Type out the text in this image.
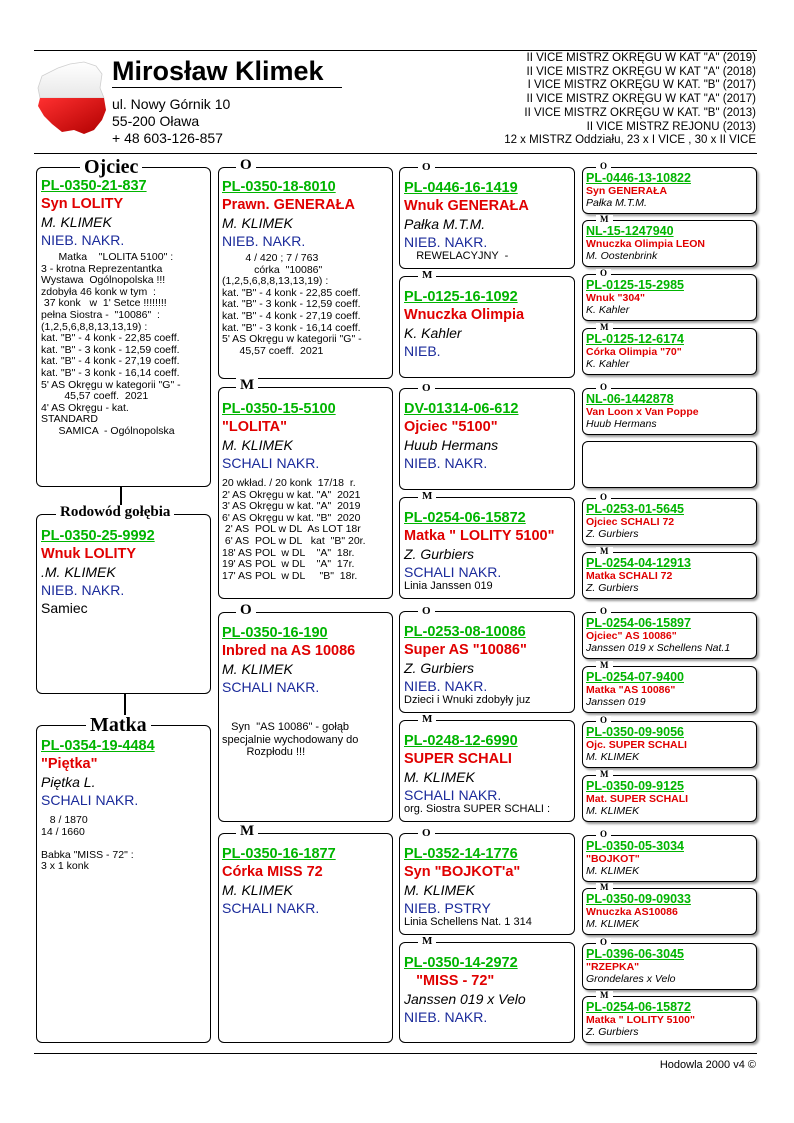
Mirosław Klimek
ul. Nowy Górnik 10
55-200 Oława
+ 48 603-126-857
II VICE MISTRZ OKRĘGU W KAT "A" (2019)
II VICE MISTRZ OKRĘGU W KAT "A" (2018)
I VICE MISTRZ OKRĘGU W KAT. "B" (2017)
II VICE MISTRZ OKRĘGU W KAT "A" (2017)
II VICE MISTRZ OKRĘGU W KAT. "B" (2013)
II VICE MISTRZ REJONU (2013)
12 x MISTRZ Oddziału, 23 x I VICE , 30 x II VICE
PL-0350-21-837
Syn LOLITY
M. KLIMEK
NIEB. NAKR.
Matka    "LOLITA 5100" :
3 - krotna Reprezentantka
Wystawa  Ogólnopolska !!!
zdobyła 46 konk w tym  :
37 konk   w  1' Setce !!!!!!!!
pełna Siostra -  "10086"  :
(1,2,5,6,8,8,13,13,19) :
kat. "B" - 4 konk - 22,85 coeff.
kat. "B" - 3 konk - 12,59 coeff.
kat. "B" - 4 konk - 27,19 coeff.
kat. "B" - 3 konk - 16,14 coeff.
5' AS Okręgu w kategorii "G" -
45,57 coeff.  2021
4' AS Okręgu - kat.
STANDARD
SAMICA  - Ogólnopolska
Ojciec
PL-0350-25-9992
Wnuk LOLITY
.M. KLIMEK
NIEB. NAKR.
Samiec
Rodowód gołębia
PL-0354-19-4484
"Piętka"
Piętka L.
SCHALI NAKR.
8 / 1870
14 / 1660

Babka "MISS - 72" :
3 x 1 konk
Matka
PL-0350-18-8010
Prawn. GENERAŁA
M. KLIMEK
NIEB. NAKR.
4 / 420 ; 7 / 763
córka  "10086"
(1,2,5,6,8,8,13,13,19) :
kat. "B" - 4 konk - 22,85 coeff.
kat. "B" - 3 konk - 12,59 coeff.
kat. "B" - 4 konk - 27,19 coeff.
kat. "B" - 3 konk - 16,14 coeff.
5' AS Okręgu w kategorii "G" -
45,57 coeff.  2021
O
PL-0350-15-5100
"LOLITA"
M. KLIMEK
SCHALI NAKR.
20 wkład. / 20 konk  17/18  r.
2' AS Okręgu w kat. "A"  2021
3' AS Okręgu w kat. "A"  2019
6' AS Okręgu w kat. "B"  2020
2' AS  POL w DL  As LOT 18r
6' AS  POL w DL   kat  "B" 20r.
18' AS POL  w DL    "A"  18r.
19' AS POL  w DL    "A"  17r.
17' AS POL  w DL     "B"  18r.
M
PL-0350-16-190
Inbred na AS 10086
M. KLIMEK
SCHALI NAKR.

Syn  "AS 10086" - gołąb
specjalnie wychodowany do
Rozpłodu !!!
O
PL-0350-16-1877
Córka MISS 72
M. KLIMEK
SCHALI NAKR.
M
PL-0446-16-1419
Wnuk GENERAŁA
Pałka M.T.M.
NIEB. NAKR.
REWELACYJNY  -
O
PL-0125-16-1092
Wnuczka Olimpia
K. Kahler
NIEB.
M
DV-01314-06-612
Ojciec "5100"
Huub Hermans
NIEB. NAKR.
O
PL-0254-06-15872
Matka " LOLITY 5100"
Z. Gurbiers
SCHALI NAKR.
Linia Janssen 019
M
PL-0253-08-10086
Super AS "10086"
Z. Gurbiers
NIEB. NAKR.
Dzieci i Wnuki zdobyły juz
O
PL-0248-12-6990
SUPER SCHALI
M. KLIMEK
SCHALI NAKR.
org. Siostra SUPER SCHALI :
M
PL-0352-14-1776
Syn "BOJKOT'a"
M. KLIMEK
NIEB. PSTRY
Linia Schellens Nat. 1 314
O
PL-0350-14-2972
"MISS - 72"
Janssen 019 x Velo
NIEB. NAKR.
M
PL-0446-13-10822
Syn GENERAŁA
Pałka M.T.M.
O
NL-15-1247940
Wnuczka Olimpia LEON
M. Oostenbrink
M
PL-0125-15-2985
Wnuk "304"
K. Kahler
O
PL-0125-12-6174
Córka Olimpia "70"
K. Kahler
M
NL-06-1442878
Van Loon x Van Poppe
Huub Hermans
O
PL-0253-01-5645
Ojciec SCHALI 72
Z. Gurbiers
O
PL-0254-04-12913
Matka SCHALI 72
Z. Gurbiers
M
PL-0254-06-15897
Ojciec" AS 10086"
Janssen 019 x Schellens Nat.1
O
PL-0254-07-9400
Matka "AS 10086"
Janssen 019
M
PL-0350-09-9056
Ojc. SUPER SCHALI
M. KLIMEK
O
PL-0350-09-9125
Mat. SUPER SCHALI
M. KLIMEK
M
PL-0350-05-3034
"BOJKOT"
M. KLIMEK
O
PL-0350-09-09033
Wnuczka AS10086
M. KLIMEK
M
PL-0396-06-3045
"RZEPKA"
Grondelares x Velo
O
PL-0254-06-15872
Matka " LOLITY 5100"
Z. Gurbiers
M
Hodowla 2000 v4 ©
